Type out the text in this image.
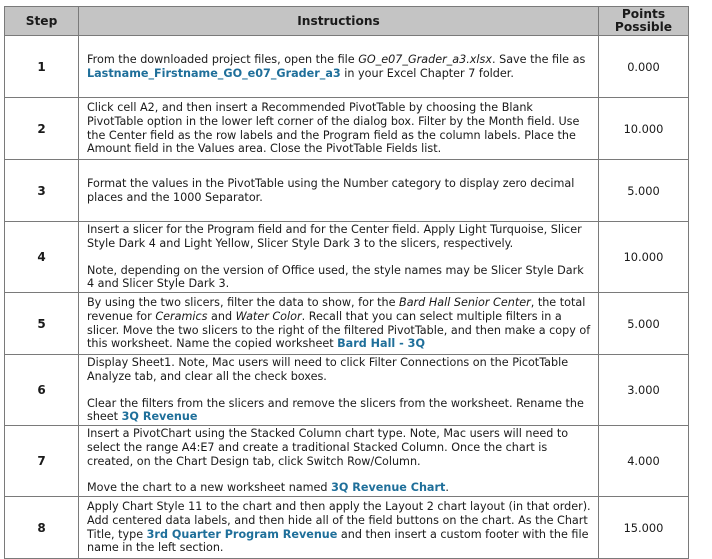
Step	Instructions	Points Possible
1	From the downloaded project files, open the file GO_e07_Grader_a3.xlsx. Save the file as Lastname_Firstname_GO_e07_Grader_a3 in your Excel Chapter 7 folder.	0.000
2	Click cell A2, and then insert a Recommended PivotTable by choosing the Blank PivotTable option in the lower left corner of the dialog box. Filter by the Month field. Use the Center field as the row labels and the Program field as the column labels. Place the Amount field in the Values area. Close the PivotTable Fields list.	10.000
3	Format the values in the PivotTable using the Number category to display zero decimal places and the 1000 Separator.	5.000
4	Insert a slicer for the Program field and for the Center field. Apply Light Turquoise, Slicer Style Dark 4 and Light Yellow, Slicer Style Dark 3 to the slicers, respectively.

Note, depending on the version of Office used, the style names may be Slicer Style Dark 4 and Slicer Style Dark 3.	10.000
5	By using the two slicers, filter the data to show, for the Bard Hall Senior Center, the total revenue for Ceramics and Water Color. Recall that you can select multiple filters in a slicer. Move the two slicers to the right of the filtered PivotTable, and then make a copy of this worksheet. Name the copied worksheet Bard Hall - 3Q	5.000
6	Display Sheet1. Note, Mac users will need to click Filter Connections on the PicotTable Analyze tab, and clear all the check boxes.

Clear the filters from the slicers and remove the slicers from the worksheet. Rename the sheet 3Q Revenue	3.000
7	Insert a PivotChart using the Stacked Column chart type. Note, Mac users will need to select the range A4:E7 and create a traditional Stacked Column. Once the chart is created, on the Chart Design tab, click Switch Row/Column.

Move the chart to a new worksheet named 3Q Revenue Chart.	4.000
8	Apply Chart Style 11 to the chart and then apply the Layout 2 chart layout (in that order). Add centered data labels, and then hide all of the field buttons on the chart. As the Chart Title, type 3rd Quarter Program Revenue and then insert a custom footer with the file name in the left section.	15.000
